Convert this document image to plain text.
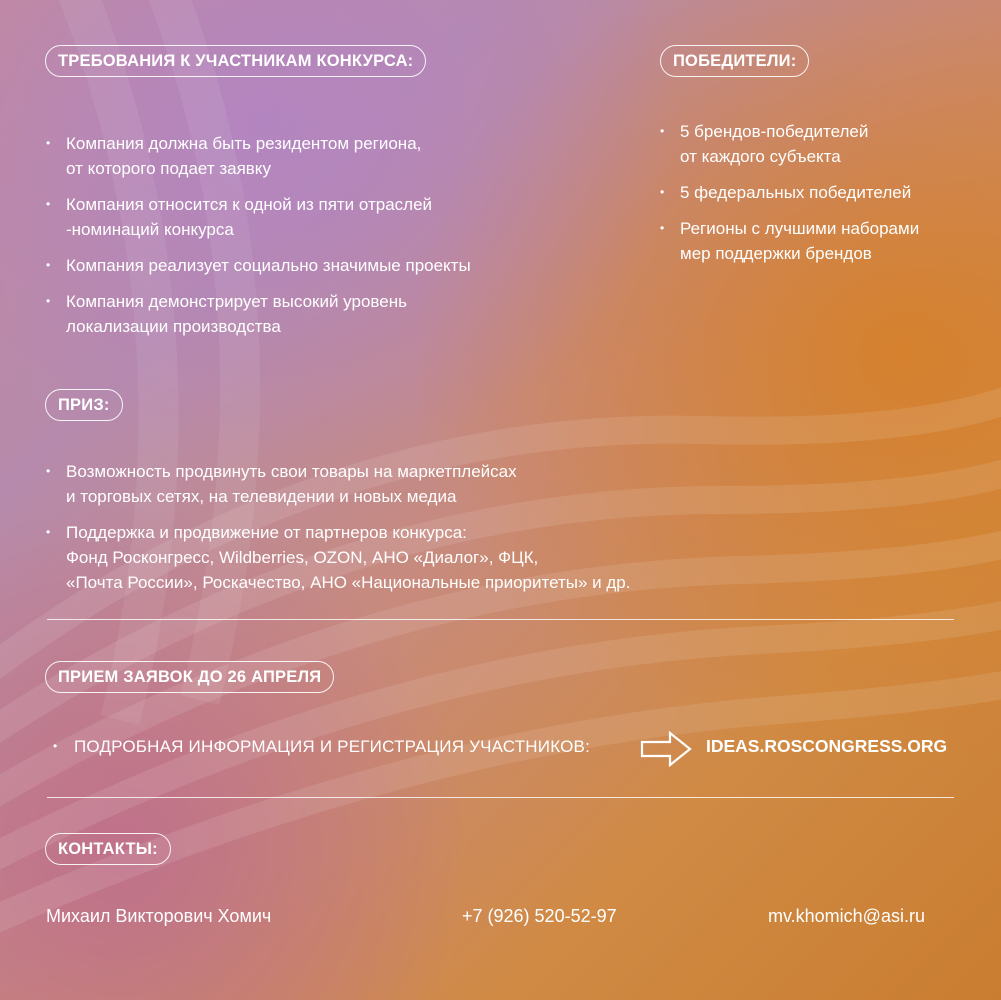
ТРЕБОВАНИЯ К УЧАСТНИКАМ КОНКУРСА:
• Компания должна быть резидентом региона,
от которого подает заявку
• Компания относится к одной из пяти отраслей
-номинаций конкурса
• Компания реализует социально значимые проекты
• Компания демонстрирует высокий уровень
локализации производства
ПОБЕДИТЕЛИ:
• 5 брендов-победителей
от каждого субъекта
• 5 федеральных победителей
• Регионы с лучшими наборами
мер поддержки брендов
ПРИЗ:
• Возможность продвинуть свои товары на маркетплейсах
и торговых сетях, на телевидении и новых медиа
• Поддержка и продвижение от партнеров конкурса:
Фонд Росконгресс, Wildberries, OZON, АНО «Диалог», ФЦК,
«Почта России», Роскачество, АНО «Национальные приоритеты» и др.
ПРИЕМ ЗАЯВОК ДО 26 АПРЕЛЯ
• ПОДРОБНАЯ ИНФОРМАЦИЯ И РЕГИСТРАЦИЯ УЧАСТНИКОВ:	IDEAS.ROSCONGRESS.ORG
КОНТАКТЫ:
Михаил Викторович Хомич	+7 (926) 520-52-97	mv.khomich@asi.ru
